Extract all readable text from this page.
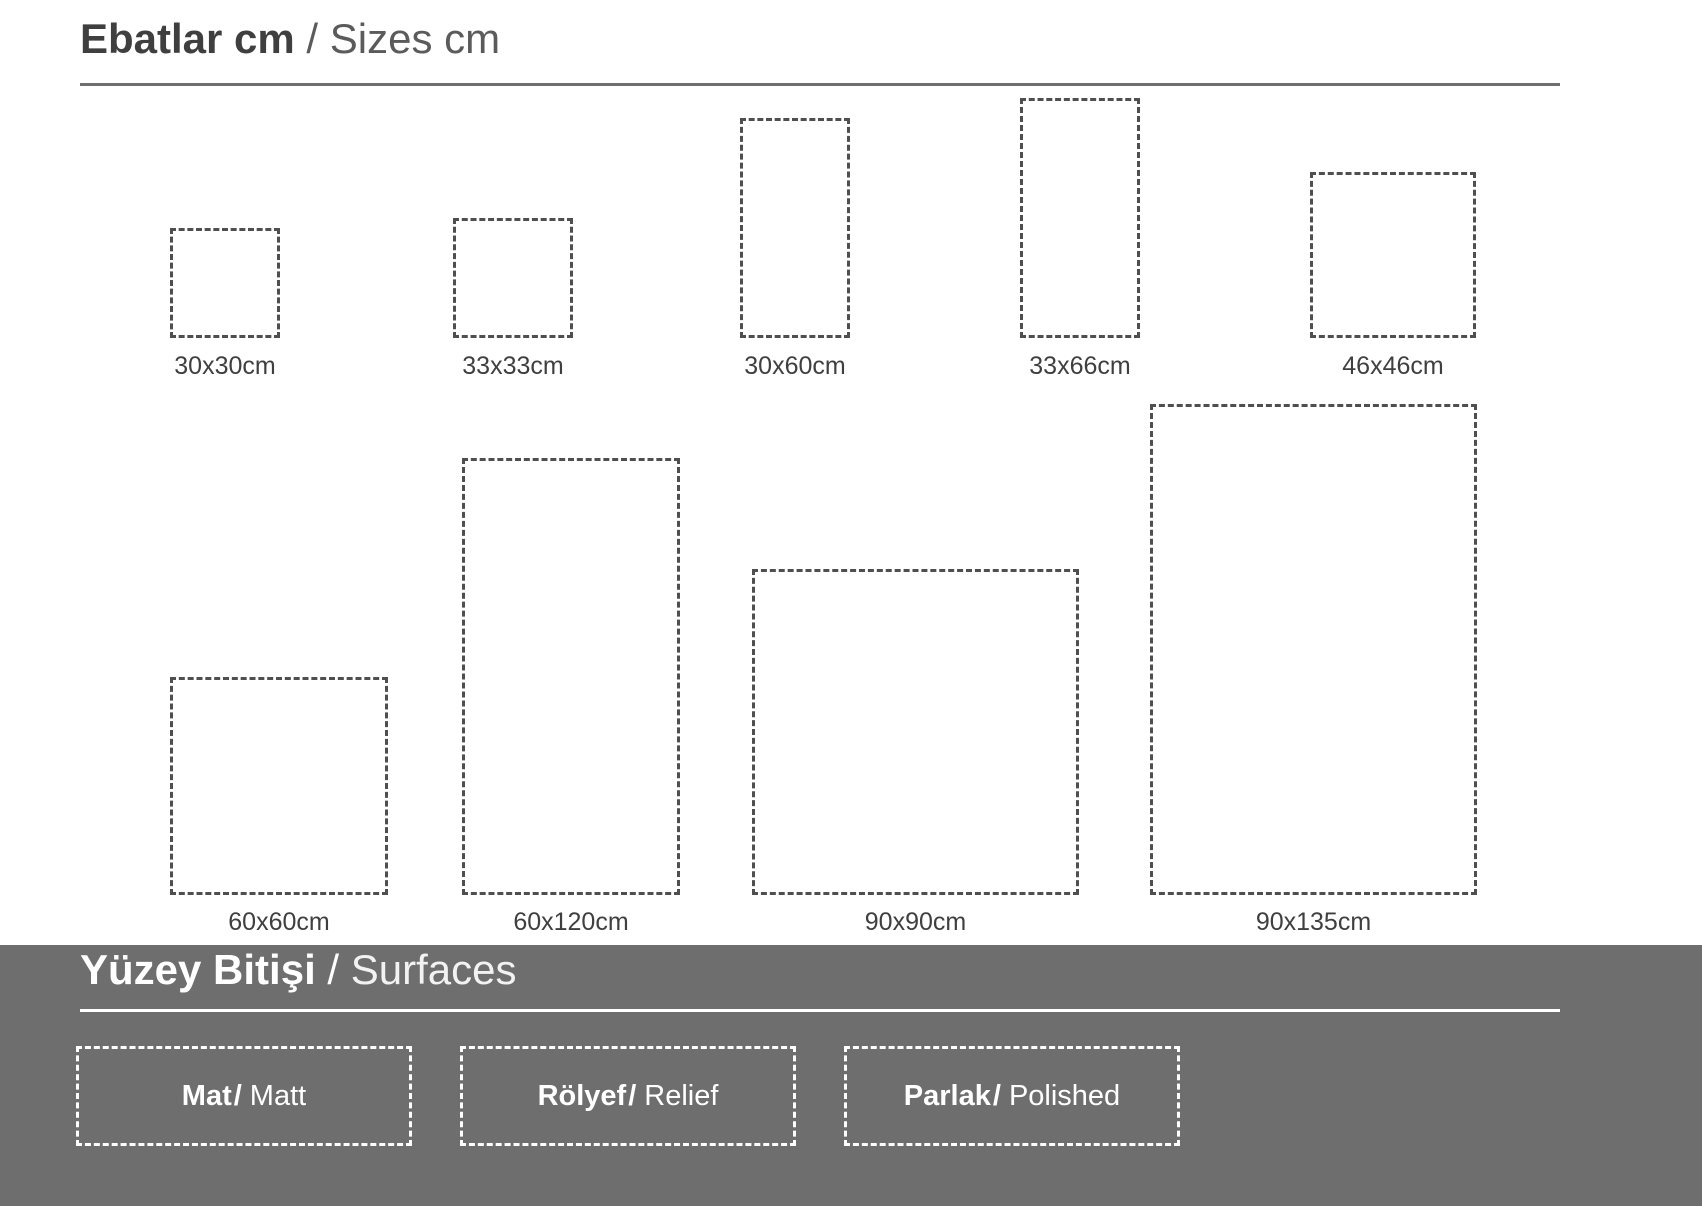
Ebatlar cm / Sizes cm
30x30cm	33x33cm	30x60cm	33x66cm	46x46cm
60x60cm	60x120cm	90x90cm	90x135cm
Yüzey Bitişi / Surfaces
Mat / Matt	Rölyef / Relief	Parlak / Polished
